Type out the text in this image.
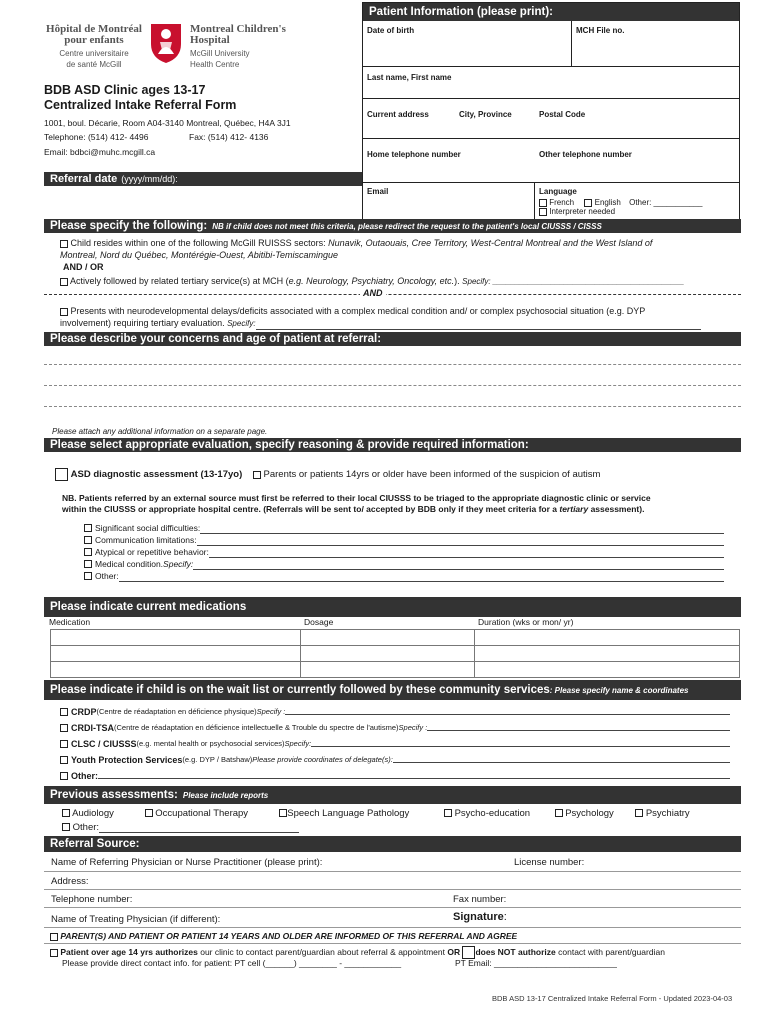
Hôpital de Montréal
pour enfants
Centre universitaire
de santé McGill
Montreal Children's
Hospital
McGill University
Health Centre
BDB ASD Clinic ages 13-17
Centralized Intake Referral Form
1001, boul. Décarie, Room A04-3140 Montreal, Québec, H4A 3J1
Telephone: (514) 412- 4496	Fax: (514) 412- 4136
Email: bdbci@muhc.mcgill.ca
Patient Information (please print):
Date of birth	MCH File no.
Last name, First name
Current address	City, Province	Postal Code
Home telephone number	Other telephone number
Email	Language
French	English Other: ___________
Interpreter needed
Referral date (yyyy/mm/dd):
Please specify the following: NB if child does not meet this criteria, please redirect the request to the patient's local CIUSSS / CISSS
Child resides within one of the following McGill RUISSS sectors: Nunavik, Outaouais, Cree Territory, West-Central Montreal and the West Island of
Montreal, Nord du Québec, Montérégie-Ouest, Abitibi-Temiscamingue
AND / OR
Actively followed by related tertiary service(s) at MCH (e.g. Neurology, Psychiatry, Oncology, etc.). Specify: ___________________________________________
AND
Presents with neurodevelopmental delays/deficits associated with a complex medical condition and/ or complex psychosocial situation (e.g. DYP
involvement) requiring tertiary evaluation. Specify:
Please describe your concerns and age of patient at referral:
Please attach any additional information on a separate page.
Please select appropriate evaluation, specify reasoning & provide required information:
ASD diagnostic assessment (13-17yo) Parents or patients 14yrs or older have been informed of the suspicion of autism
NB. Patients referred by an external source must first be referred to their local CIUSSS to be triaged to the appropriate diagnostic clinic or service
within the CIUSSS or appropriate hospital centre. (Referrals will be sent to/ accepted by BDB only if they meet criteria for a tertiary assessment).
Significant social difficulties:
Communication limitations:
Atypical or repetitive behavior:
Medical condition. Specify:
Other:
Please indicate current medications
Medication	Dosage	Duration (wks or mon/ yr)

Please indicate if child is on the wait list or currently followed by these community services : Please specify name & coordinates
CRDP (Centre de réadaptation en déficience physique) Specify :
CRDI-TSA (Centre de réadaptation en déficience intellectuelle & Trouble du spectre de l'autisme) Specify :
CLSC / CIUSSS (e.g. mental health or psychosocial services) Specify:
Youth Protection Services (e.g. DYP / Batshaw) Please provide coordinates of delegate(s):
Other:
Previous assessments: Please include reports
Audiology	Occupational Therapy	Speech Language Pathology	Psycho-education	Psychology	Psychiatry
Other:
Referral Source:
Name of Referring Physician or Nurse Practitioner (please print):	License number:
Address:
Telephone number:	Fax number:
Name of Treating Physician (if different):	Signature:
PARENT(S) AND PATIENT OR PATIENT 14 YEARS AND OLDER ARE INFORMED OF THIS REFERRAL AND AGREE
Patient over age 14 yrs authorizes our clinic to contact parent/guardian about referral & appointment OR does NOT authorize contact with parent/guardian
Please provide direct contact info. for patient: PT cell (______) ________ - ____________	PT Email: __________________________
BDB ASD 13-17 Centralized Intake Referral Form - Updated 2023-04-03
